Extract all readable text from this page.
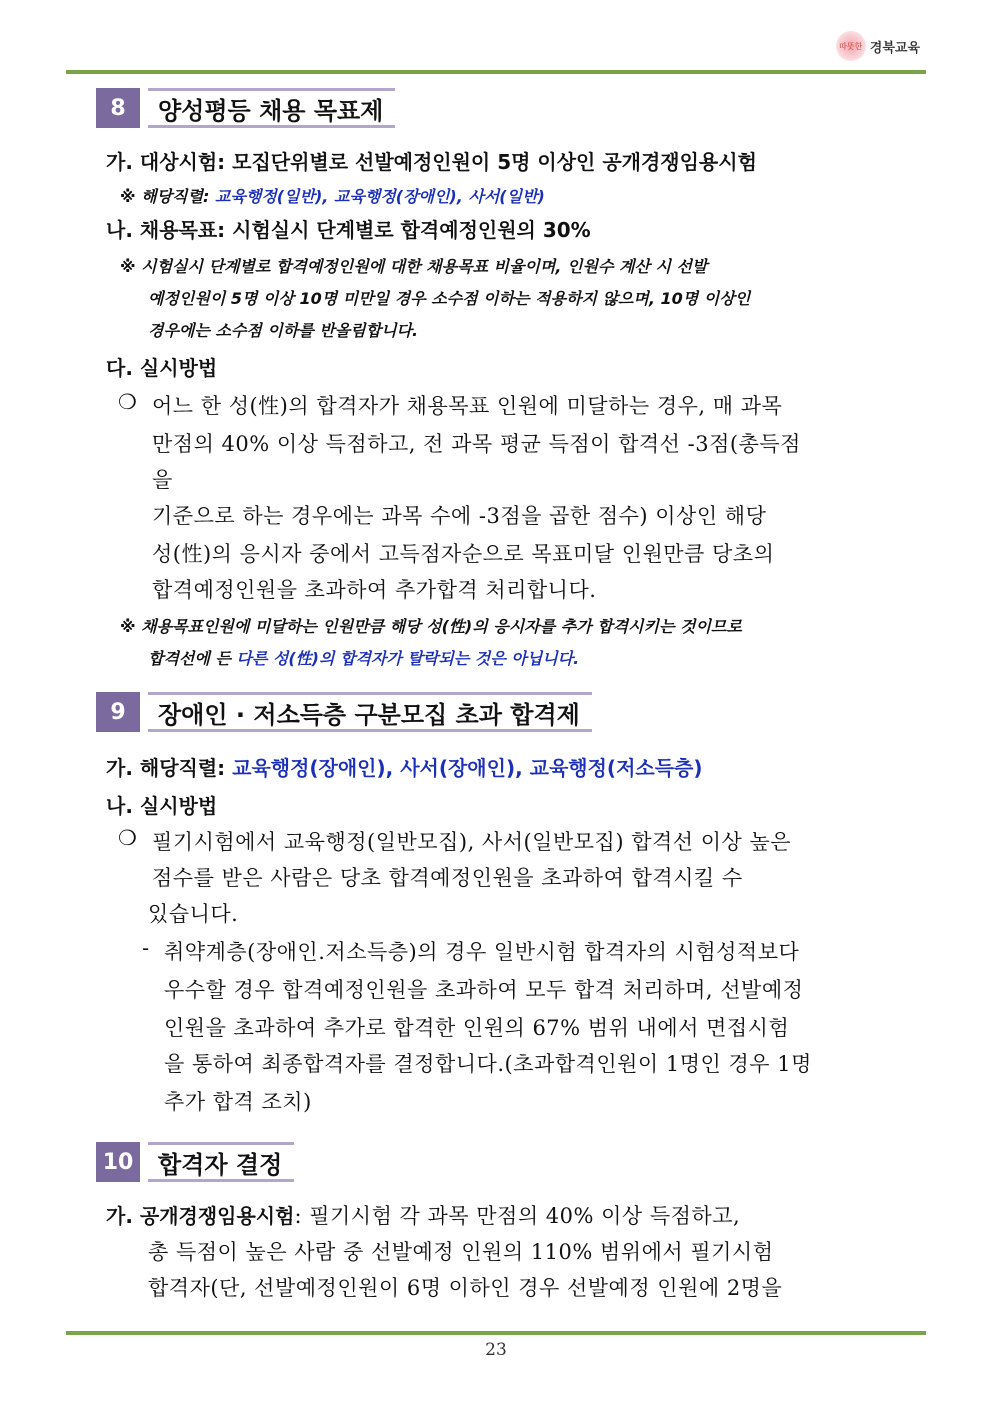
따뜻한 경북교육
8	양성평등 채용 목표제
가. 대상시험: 모집단위별로 선발예정인원이 5명 이상인 공개경쟁임용시험
※ 해당직렬: 교육행정(일반), 교육행정(장애인), 사서(일반)
나. 채용목표: 시험실시 단계별로 합격예정인원의 30%
※ 시험실시 단계별로 합격예정인원에 대한 채용목표 비율이며, 인원수 계산 시 선발
예정인원이 5명 이상 10명 미만일 경우 소수점 이하는 적용하지 않으며, 10명 이상인
경우에는 소수점 이하를 반올림합니다.
다. 실시방법
❍ 어느 한 성(性)의 합격자가 채용목표 인원에 미달하는 경우, 매 과목
만점의 40% 이상 득점하고, 전 과목 평균 득점이 합격선 -3점(총득점
을
기준으로 하는 경우에는 과목 수에 -3점을 곱한 점수) 이상인 해당
성(性)의 응시자 중에서 고득점자순으로 목표미달 인원만큼 당초의
합격예정인원을 초과하여 추가합격 처리합니다.
※ 채용목표인원에 미달하는 인원만큼 해당 성(性)의 응시자를 추가 합격시키는 것이므로
합격선에 든 다른 성(性)의 합격자가 탈락되는 것은 아닙니다.
9	장애인 · 저소득층 구분모집 초과 합격제
가. 해당직렬: 교육행정(장애인), 사서(장애인), 교육행정(저소득층)
나. 실시방법
❍ 필기시험에서 교육행정(일반모집), 사서(일반모집) 합격선 이상 높은
점수를 받은 사람은 당초 합격예정인원을 초과하여 합격시킬 수
있습니다.
- 취약계층(장애인.저소득층)의 경우 일반시험 합격자의 시험성적보다
우수할 경우 합격예정인원을 초과하여 모두 합격 처리하며, 선발예정
인원을 초과하여 추가로 합격한 인원의 67% 범위 내에서 면접시험
을 통하여 최종합격자를 결정합니다.(초과합격인원이 1명인 경우 1명
추가 합격 조치)
10 합격자 결정
가. 공개경쟁임용시험: 필기시험 각 과목 만점의 40% 이상 득점하고,
총 득점이 높은 사람 중 선발예정 인원의 110% 범위에서 필기시험
합격자(단, 선발예정인원이 6명 이하인 경우 선발예정 인원에 2명을
23
